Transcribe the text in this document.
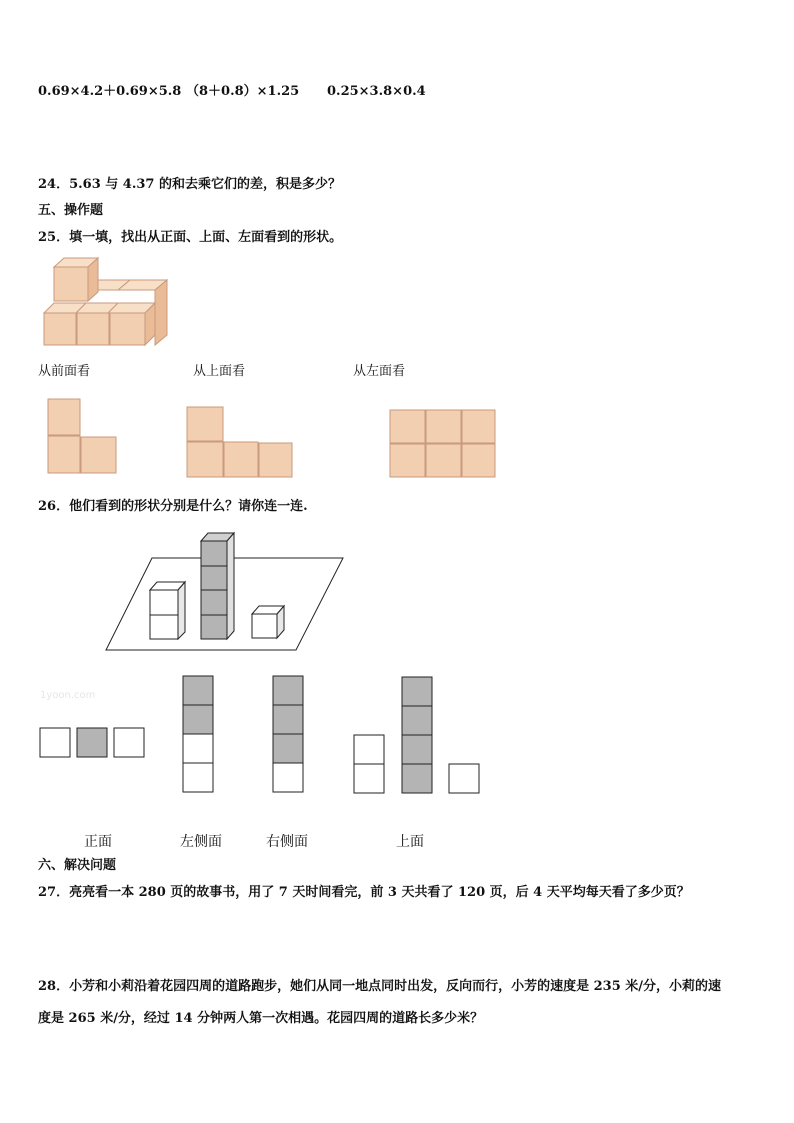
0.69×4.2＋0.69×5.8 （8＋0.8）×1.25 0.25×3.8×0.4
24．5.63 与 4.37 的和去乘它们的差，积是多少？
五、操作题
25．填一填，找出从正面、上面、左面看到的形状。
从前面看	从上面看	从左面看
26．他们看到的形状分别是什么？请你连一连.
1yoon.com
正面	左侧面	右侧面	上面
六、解决问题
27．亮亮看一本 280 页的故事书，用了 7 天时间看完，前 3 天共看了 120 页，后 4 天平均每天看了多少页？
28．小芳和小莉沿着花园四周的道路跑步，她们从同一地点同时出发，反向而行，小芳的速度是 235 米/分，小莉的速
度是 265 米/分，经过 14 分钟两人第一次相遇。花园四周的道路长多少米？
